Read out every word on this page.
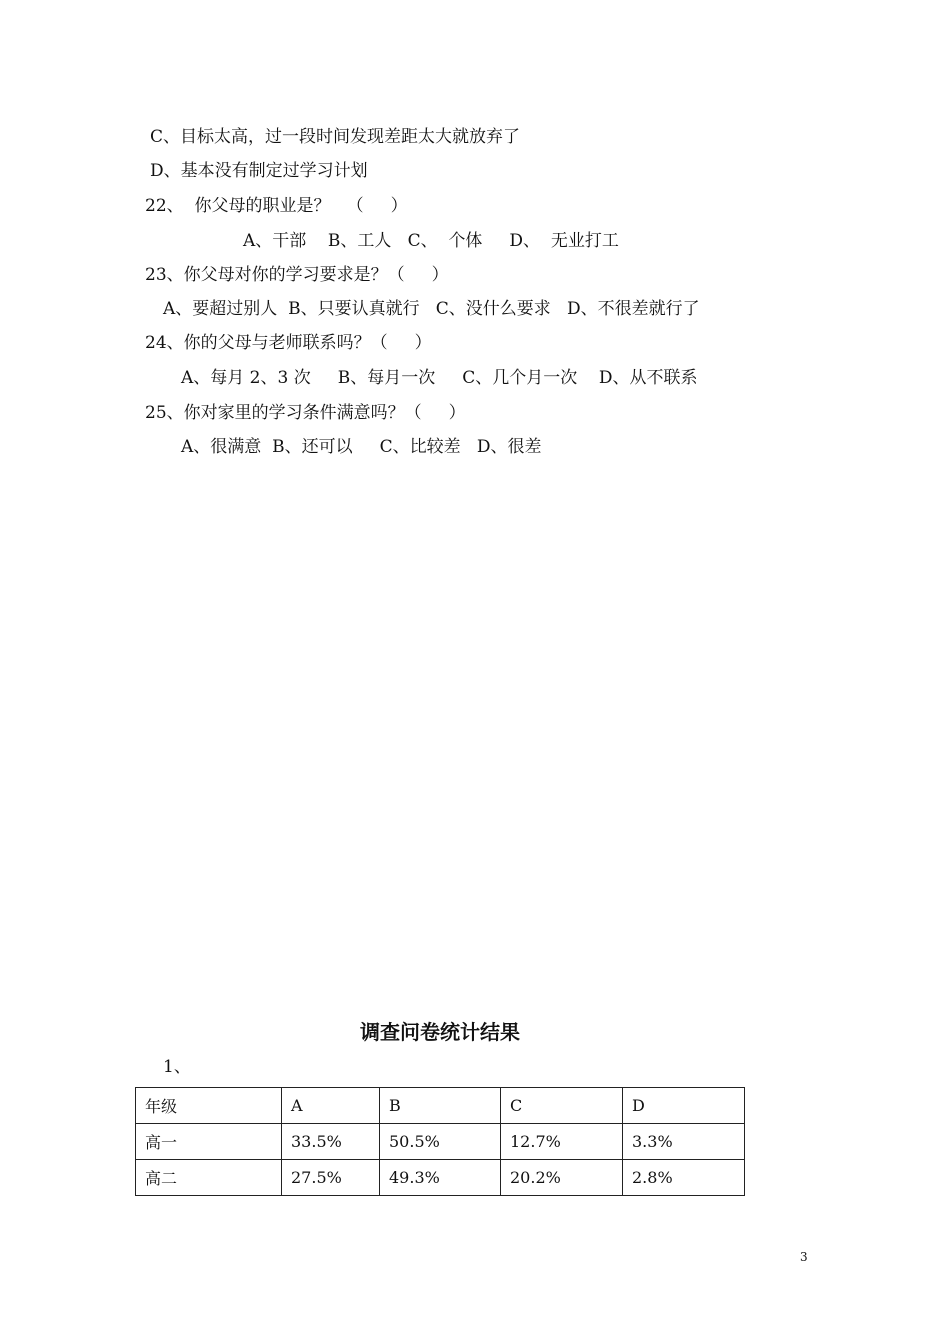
C、目标太高，过一段时间发现差距太大就放弃了
D、基本没有制定过学习计划
22、  你父母的职业是？   （     ）
A、干部    B、工人   C、  个体     D、  无业打工
23、你父母对你的学习要求是？（     ）
A、要超过别人  B、只要认真就行   C、没什么要求   D、不很差就行了
24、你的父母与老师联系吗？（     ）
A、每月 2、3 次     B、每月一次     C、几个月一次    D、从不联系
25、你对家里的学习条件满意吗？（     ）
A、很满意  B、还可以     C、比较差   D、很差
调查问卷统计结果
1、
年级	A	B	C	D
高一	33.5%	50.5%	12.7%	3.3%
高二	27.5%	49.3%	20.2%	2.8%
3
